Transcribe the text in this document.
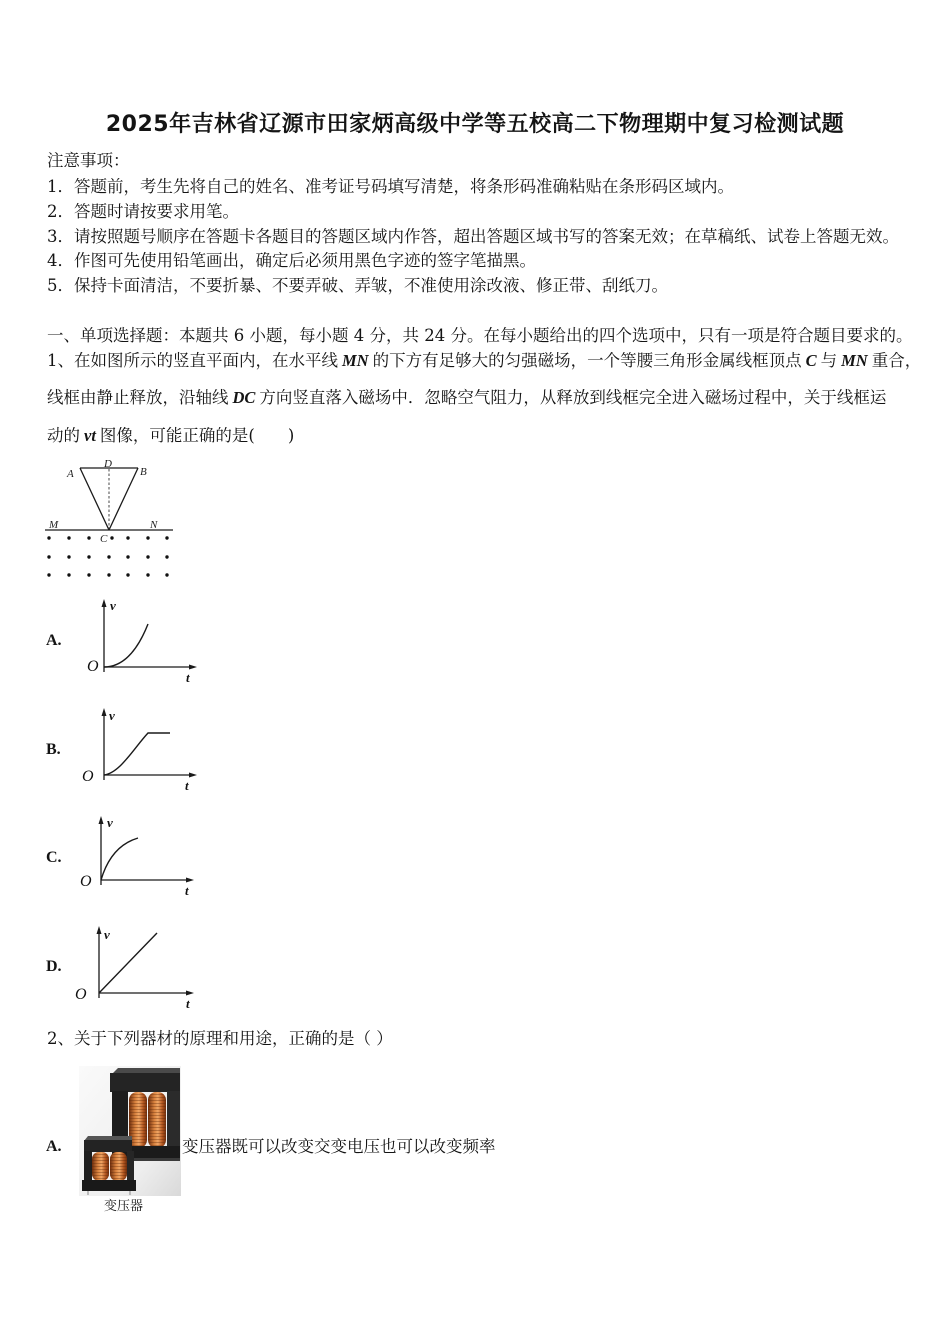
2025年吉林省辽源市田家炳高级中学等五校高二下物理期中复习检测试题
注意事项：
1．答题前，考生先将自己的姓名、准考证号码填写清楚，将条形码准确粘贴在条形码区域内。
2．答题时请按要求用笔。
3．请按照题号顺序在答题卡各题目的答题区域内作答，超出答题区域书写的答案无效；在草稿纸、试卷上答题无效。
4．作图可先使用铅笔画出，确定后必须用黑色字迹的签字笔描黑。
5．保持卡面清洁，不要折暴、不要弄破、弄皱，不准使用涂改液、修正带、刮纸刀。
一、单项选择题：本题共 6 小题，每小题 4 分，共 24 分。在每小题给出的四个选项中，只有一项是符合题目要求的。
1、在如图所示的竖直平面内，在水平线 MN 的下方有足够大的匀强磁场，一个等腰三角形金属线框顶点 C 与 MN 重合，
线框由静止释放，沿轴线 DC 方向竖直落入磁场中．忽略空气阻力，从释放到线框完全进入磁场过程中，关于线框运
动的 vt 图像，可能正确的是(　　)
A
D
B
M	N
C
A.
v
O
t
B.
v
O
t
C.
v
O
t
D.
v
O
t
2、关于下列器材的原理和用途，正确的是（ ）
A.
变压器
变压器既可以改变交变电压也可以改变频率
